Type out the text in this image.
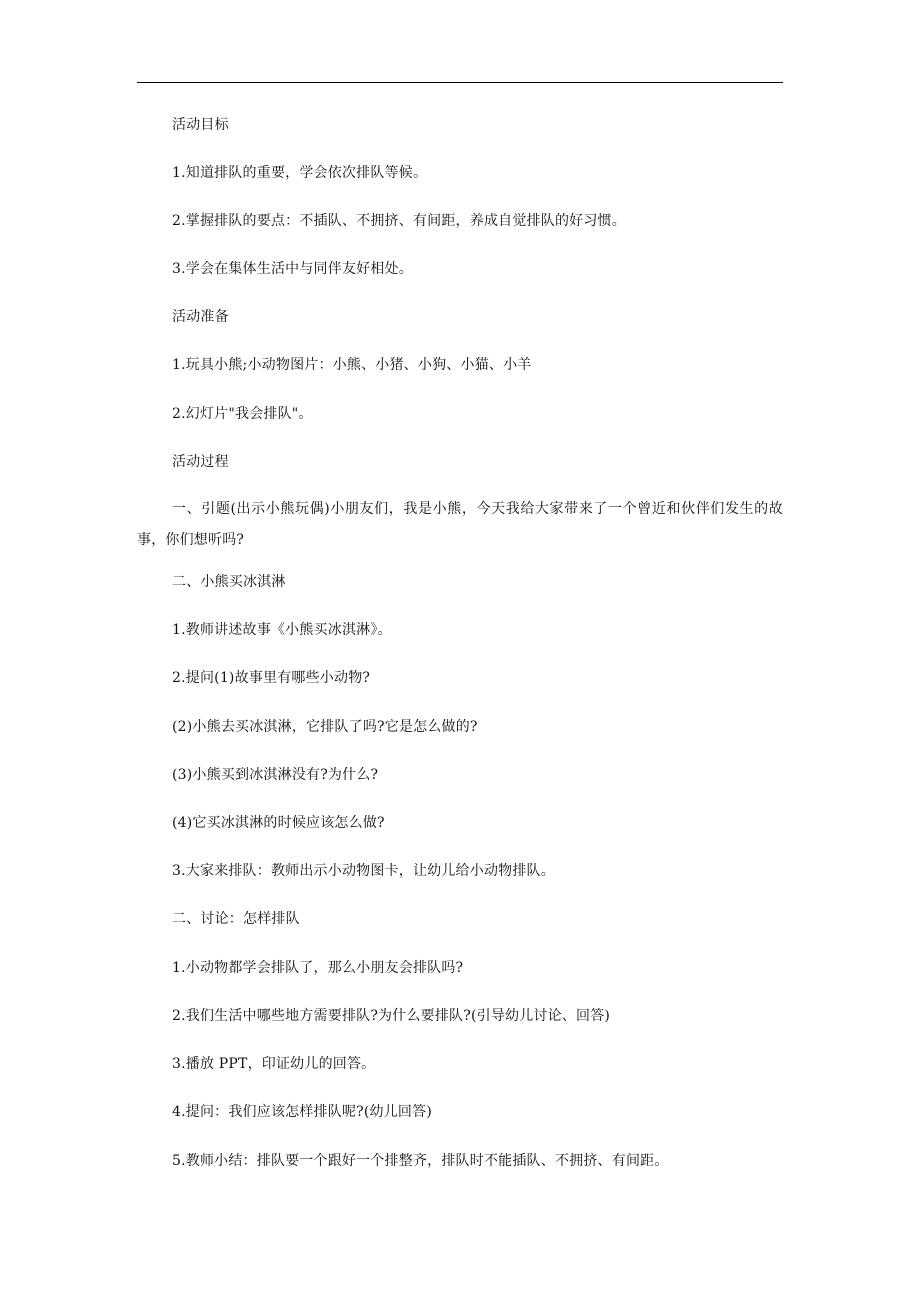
活动目标
1.知道排队的重要，学会依次排队等候。
2.掌握排队的要点：不插队、不拥挤、有间距，养成自觉排队的好习惯。
3.学会在集体生活中与同伴友好相处。
活动准备
1.玩具小熊;小动物图片：小熊、小猪、小狗、小猫、小羊
2.幻灯片"我会排队"。
活动过程
一、引题(出示小熊玩偶)小朋友们，我是小熊，今天我给大家带来了一个曾近和伙伴们发生的故事，你们想听吗?
二、小熊买冰淇淋
1.教师讲述故事《小熊买冰淇淋》。
2.提问(1)故事里有哪些小动物?
(2)小熊去买冰淇淋，它排队了吗?它是怎么做的?
(3)小熊买到冰淇淋没有?为什么?
(4)它买冰淇淋的时候应该怎么做?
3.大家来排队：教师出示小动物图卡，让幼儿给小动物排队。
二、讨论：怎样排队
1.小动物都学会排队了，那么小朋友会排队吗?
2.我们生活中哪些地方需要排队?为什么要排队?(引导幼儿讨论、回答)
3.播放 PPT，印证幼儿的回答。
4.提问：我们应该怎样排队呢?(幼儿回答)
5.教师小结：排队要一个跟好一个排整齐，排队时不能插队、不拥挤、有间距。
